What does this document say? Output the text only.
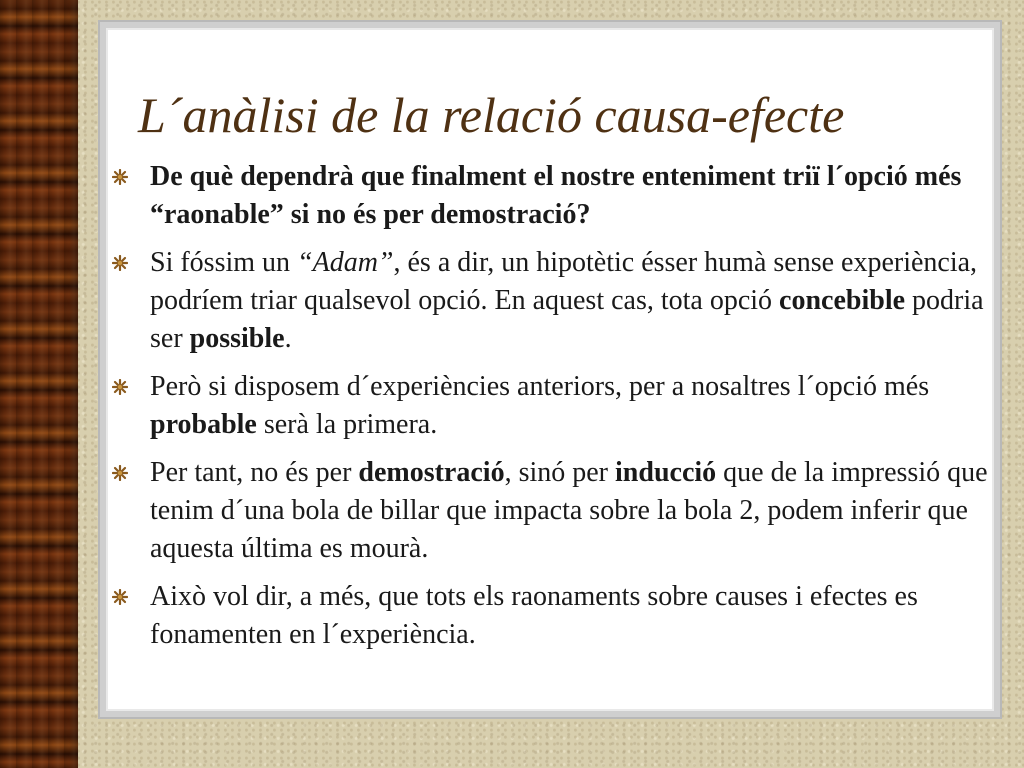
L´anàlisi de la relació causa-efecte
De què dependrà que finalment el nostre enteniment triï l´opció més “raonable” si no és per demostració?
Si fóssim un “Adam”, és a dir, un hipotètic ésser humà sense experiència, podríem triar qualsevol opció. En aquest cas, tota opció concebible podria ser possible.
Però si disposem d´experiències anteriors, per a nosaltres l´opció més probable serà la primera.
Per tant, no és per demostració, sinó per inducció que de la impressió que tenim d´una bola de billar que impacta sobre la bola 2, podem inferir que aquesta última es mourà.
Això vol dir, a més, que tots els raonaments sobre causes i efectes es fonamenten en l´experiència.
